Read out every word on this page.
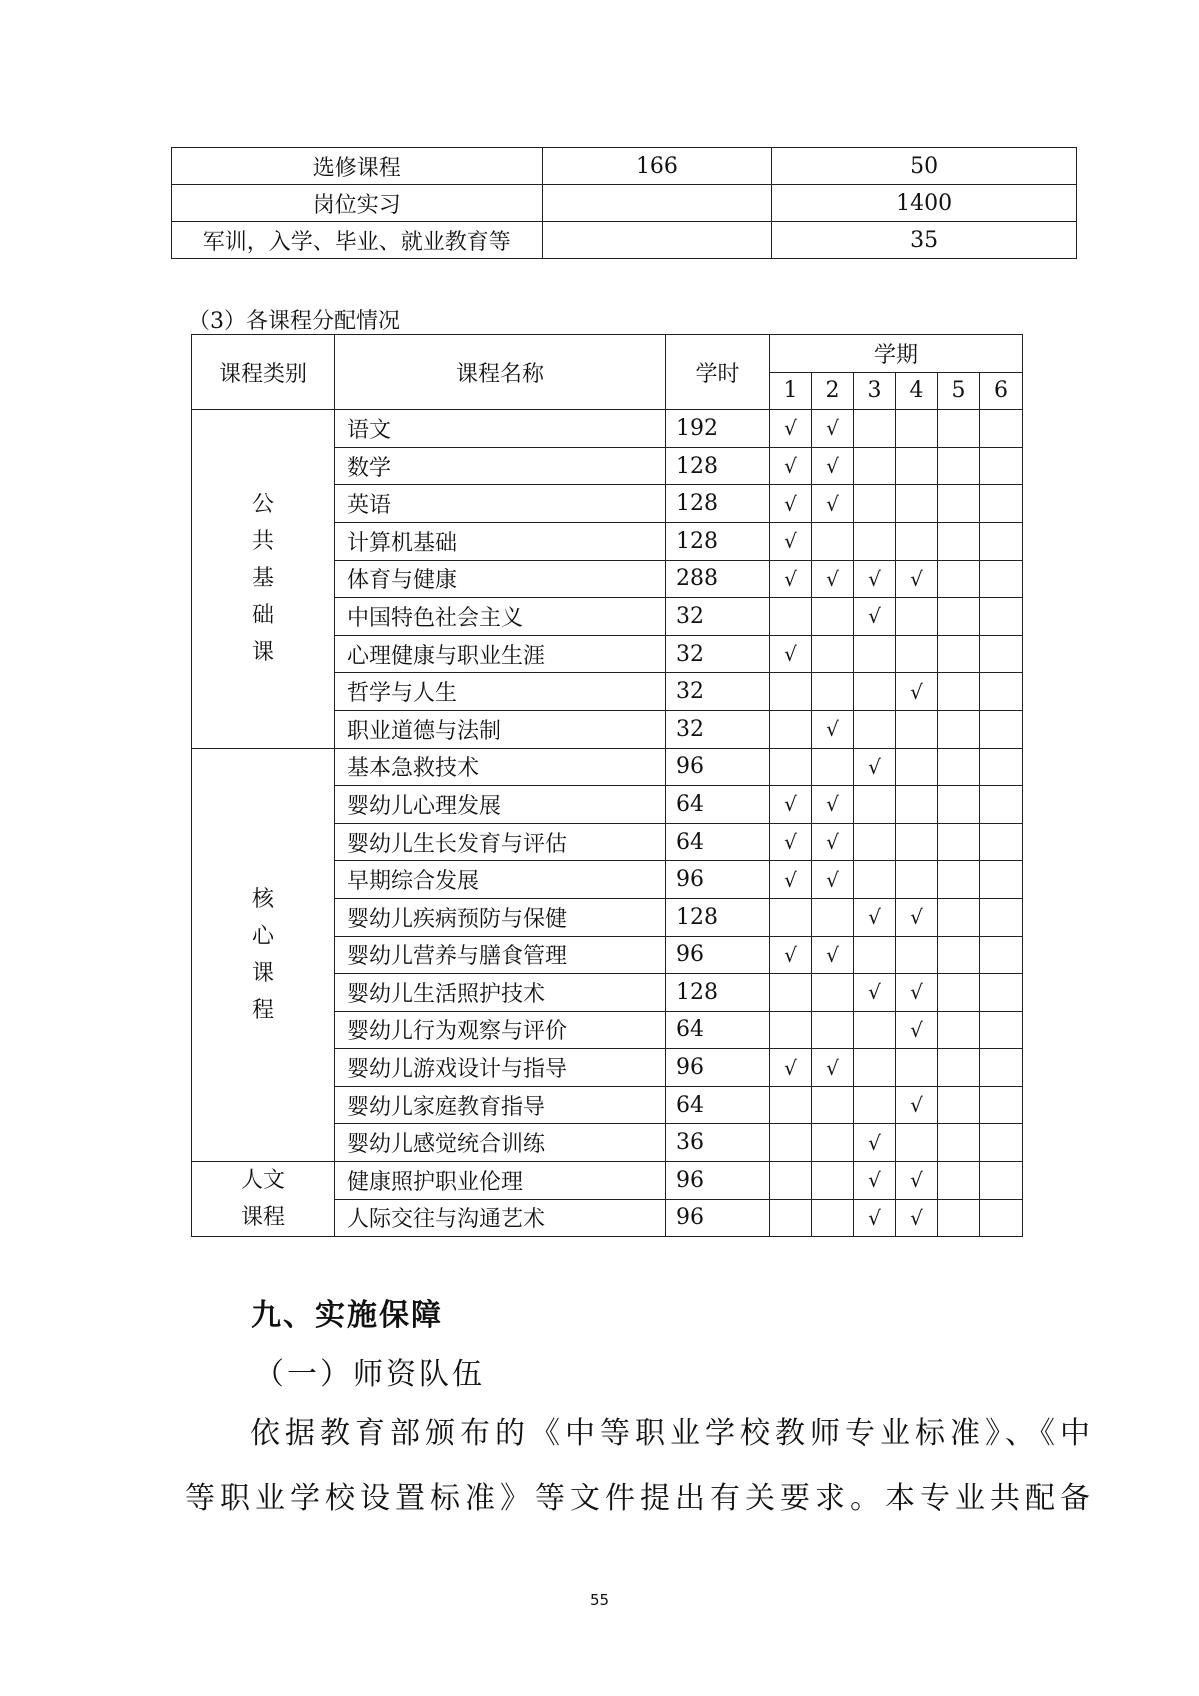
选修课程	166	50
岗位实习		1400
军训，入学、毕业、就业教育等		35
（3）各课程分配情况
课程类别	课程名称	学时	学期					
			1	2	3	4	5	6

公
共
基
础
课	语文	192	√	√				
	数学	128	√	√				
	英语	128	√	√				
	计算机基础	128	√					
	体育与健康	288	√	√	√	√		
	中国特色社会主义	32			√			
	心理健康与职业生涯	32	√					
	哲学与人生	32				√		
	职业道德与法制	32		√				

核
心
课
程	基本急救技术	96			√			
	婴幼儿心理发展	64	√	√				
	婴幼儿生长发育与评估	64	√	√				
	早期综合发展	96	√	√				
	婴幼儿疾病预防与保健	128			√	√		
	婴幼儿营养与膳食管理	96	√	√				
	婴幼儿生活照护技术	128			√	√		
	婴幼儿行为观察与评价	64				√		
	婴幼儿游戏设计与指导	96	√	√				
	婴幼儿家庭教育指导	64				√		
	婴幼儿感觉统合训练	36			√			

人文
课程	健康照护职业伦理	96			√	√		
	人际交往与沟通艺术	96			√	√		
九、实施保障
（一）师资队伍
依据教育部颁布的《中等职业学校教师专业标准》、《中
等职业学校设置标准》等文件提出有关要求。本专业共配备
55
